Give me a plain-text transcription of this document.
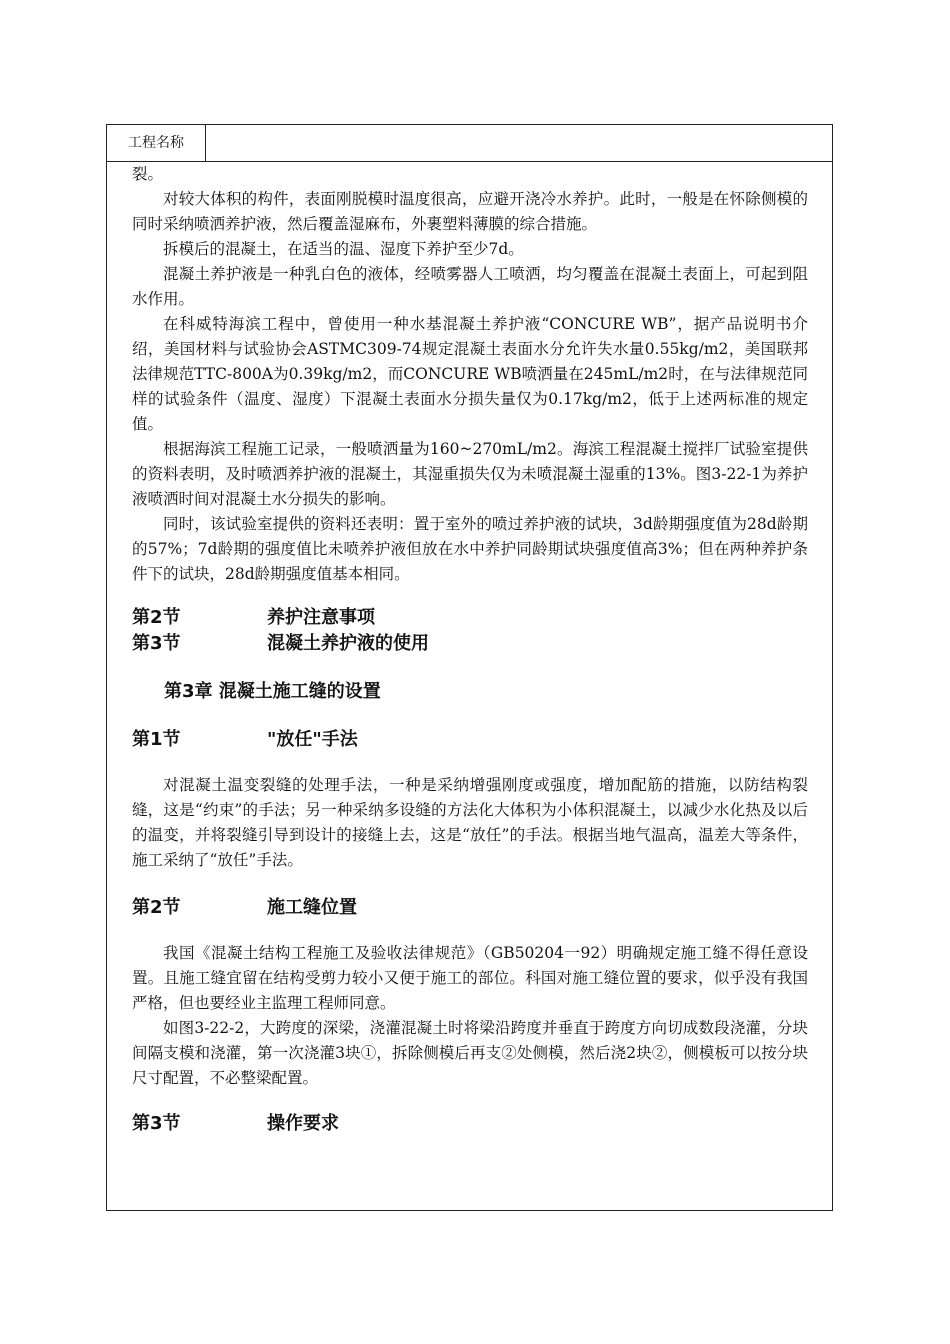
工程名称

裂。

对较大体积的构件，表面刚脱模时温度很高，应避开浇冷水养护。此时，一般是在怀除侧模的同时采纳喷洒养护液，然后覆盖湿麻布，外裹塑料薄膜的综合措施。

拆模后的混凝土，在适当的温、湿度下养护至少7d。

混凝土养护液是一种乳白色的液体，经喷雾器人工喷洒，均匀覆盖在混凝土表面上，可起到阻水作用。

在科威特海滨工程中，曾使用一种水基混凝土养护液“CONCURE WB”，据产品说明书介绍，美国材料与试验协会ASTMC309-74规定混凝土表面水分允许失水量0.55kg/m2，美国联邦法律规范TTC-800A为0.39kg/m2，而CONCURE WB喷洒量在245mL/m2时，在与法律规范同样的试验条件（温度、湿度）下混凝土表面水分损失量仅为0.17kg/m2，低于上述两标准的规定值。

根据海滨工程施工记录，一般喷洒量为160~270mL/m2。海滨工程混凝土搅拌厂试验室提供的资料表明，及时喷洒养护液的混凝土，其湿重损失仅为未喷混凝土湿重的13%。图3-22-1为养护液喷洒时间对混凝土水分损失的影响。

同时，该试验室提供的资料还表明：置于室外的喷过养护液的试块，3d龄期强度值为28d龄期的57%；7d龄期的强度值比未喷养护液但放在水中养护同龄期试块强度值高3%；但在两种养护条件下的试块，28d龄期强度值基本相同。

第2节	养护注意事项
第3节	混凝土养护液的使用
第3章 混凝土施工缝的设置
第1节	"放任"手法

对混凝土温变裂缝的处理手法，一种是采纳增强刚度或强度，增加配筋的措施，以防结构裂缝，这是“约束”的手法；另一种采纳多设缝的方法化大体积为小体积混凝土，以减少水化热及以后的温变，并将裂缝引导到设计的接缝上去，这是“放任”的手法。根据当地气温高，温差大等条件，施工采纳了“放任”手法。

第2节	施工缝位置

我国《混凝土结构工程施工及验收法律规范》（GB50204一92）明确规定施工缝不得任意设置。且施工缝宜留在结构受剪力较小又便于施工的部位。科国对施工缝位置的要求，似乎没有我国严格，但也要经业主监理工程师同意。

如图3-22-2，大跨度的深梁，浇灌混凝土时将梁沿跨度并垂直于跨度方向切成数段浇灌，分块间隔支模和浇灌，第一次浇灌3块①，拆除侧模后再支②处侧模，然后浇2块②，侧模板可以按分块尺寸配置，不必整梁配置。

第3节	操作要求
